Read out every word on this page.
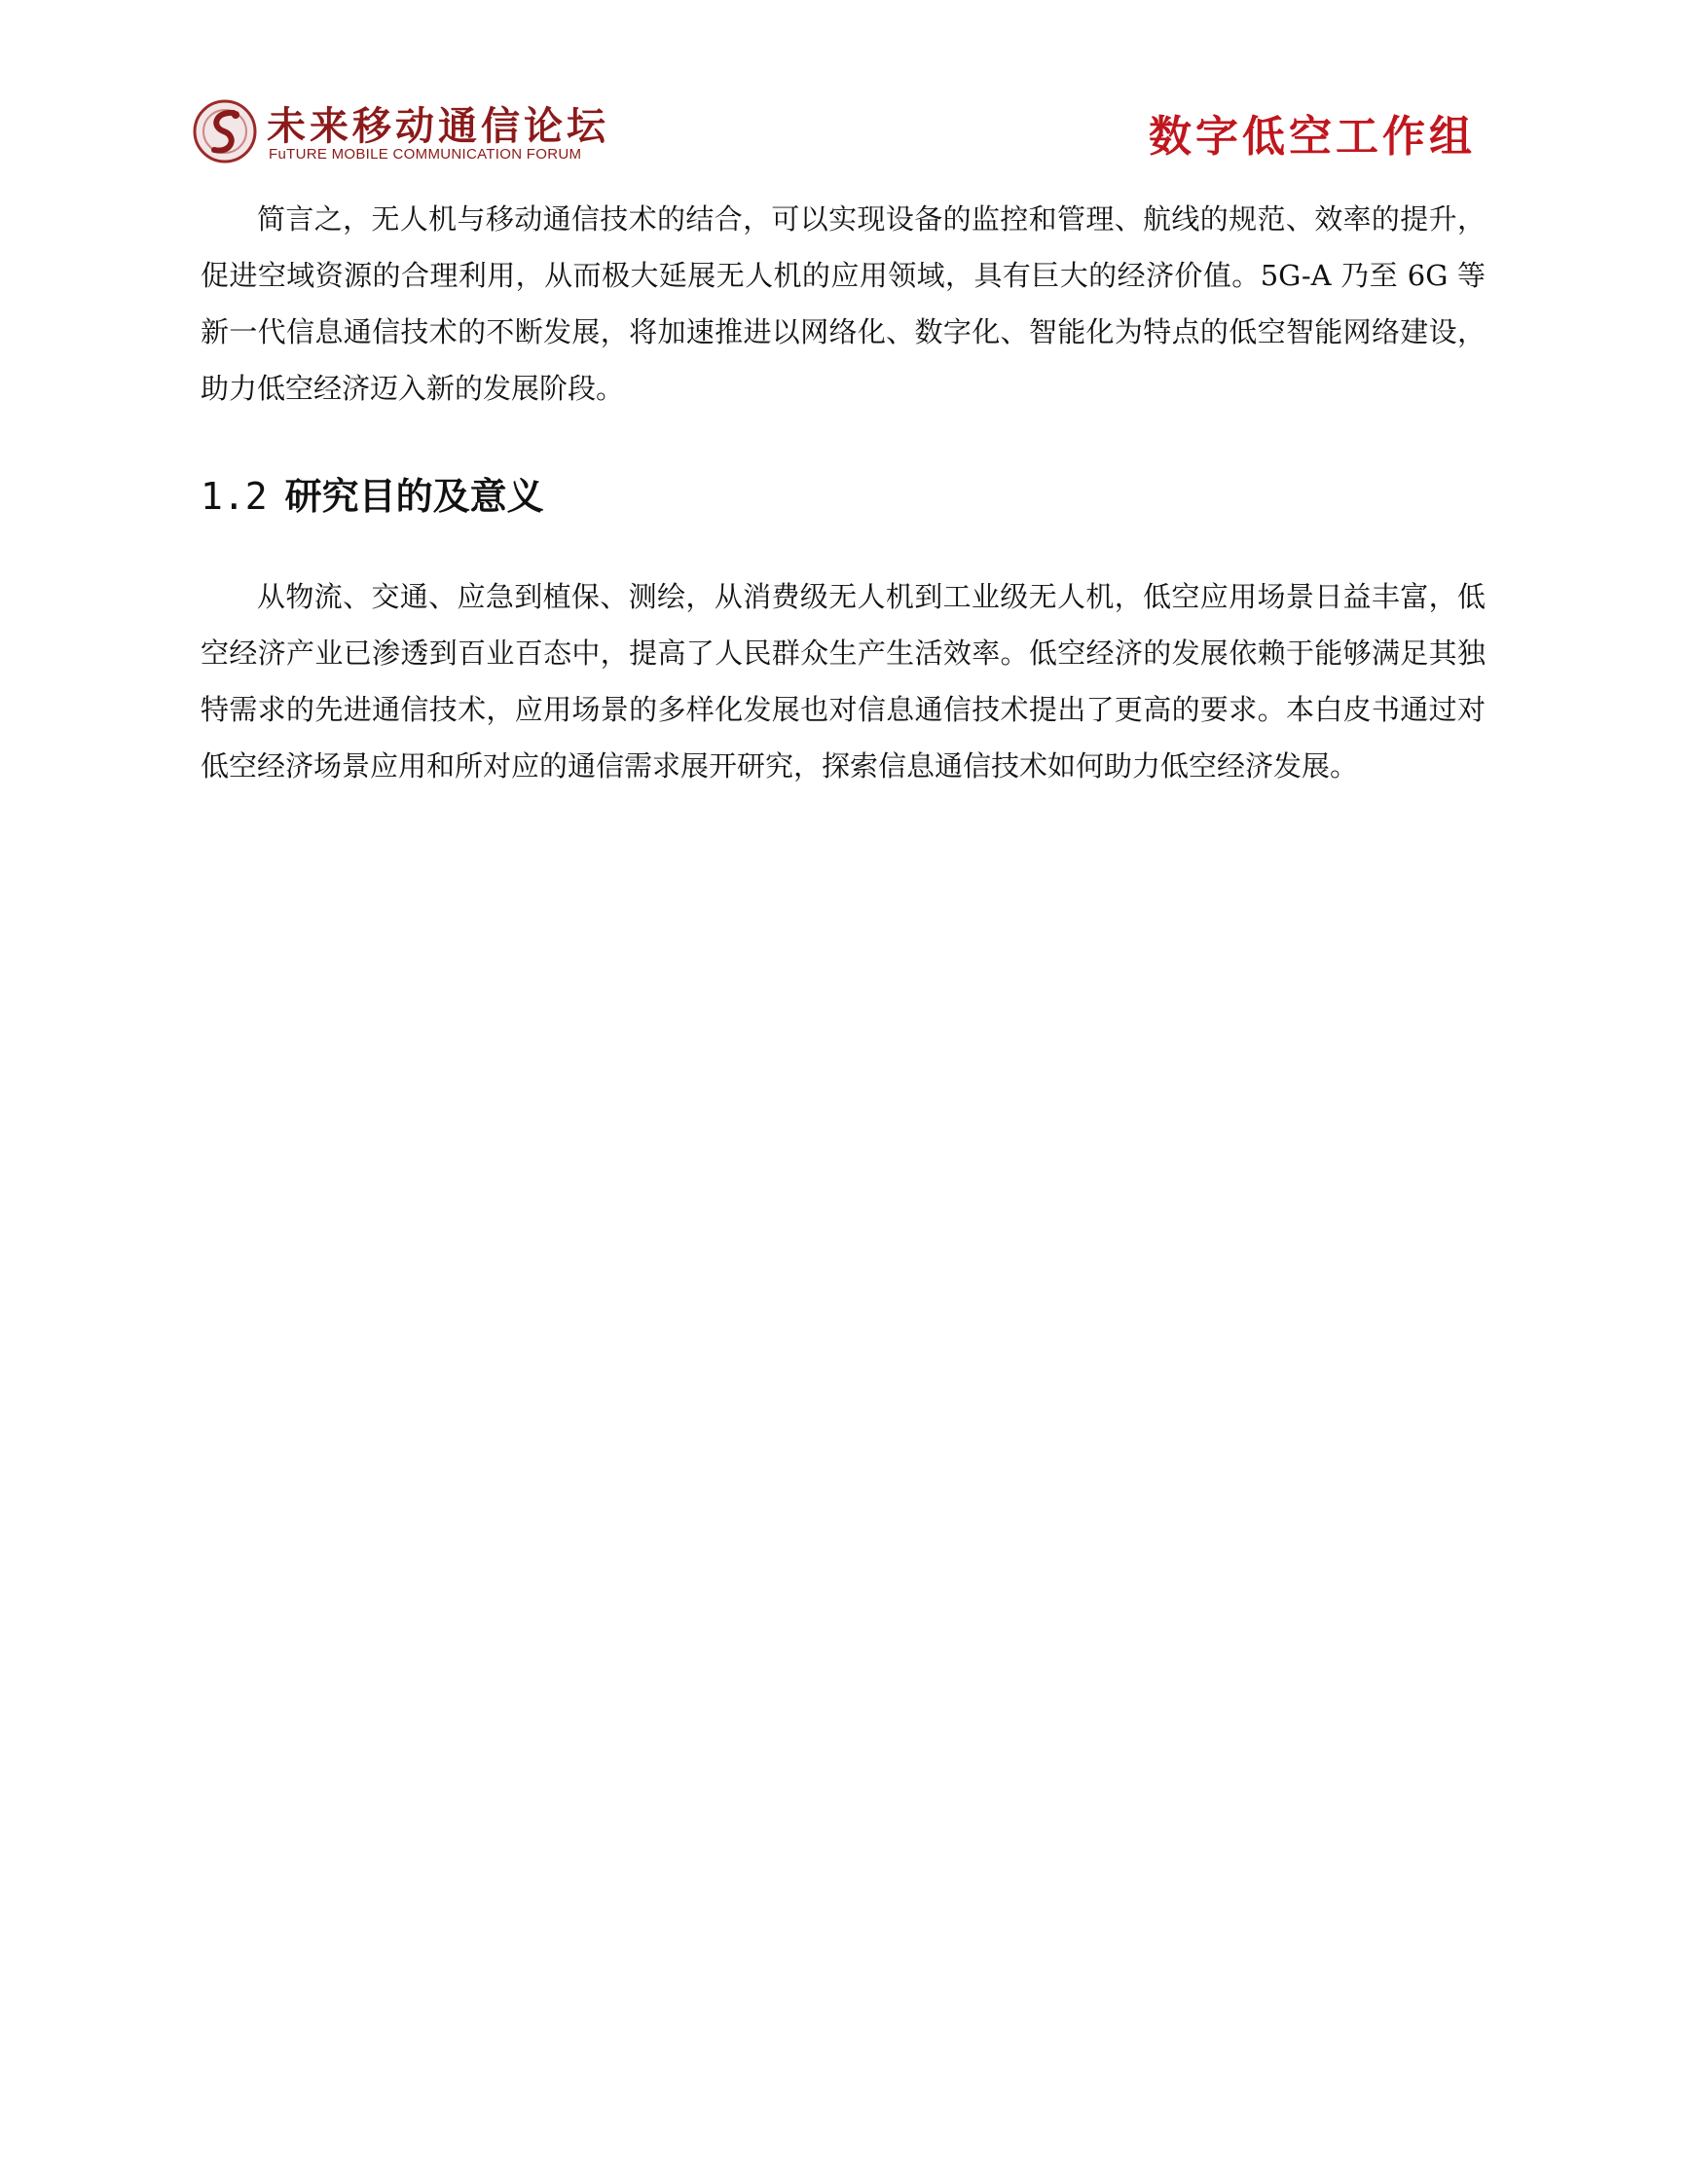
未来移动通信论坛
FuTURE MOBILE COMMUNICATION FORUM	数字低空工作组

简言之，无人机与移动通信技术的结合，可以实现设备的监控和管理、航线的规范、效率的提升，促进空域资源的合理利用，从而极大延展无人机的应用领域，具有巨大的经济价值。5G-A 乃至 6G 等新一代信息通信技术的不断发展，将加速推进以网络化、数字化、智能化为特点的低空智能网络建设，助力低空经济迈入新的发展阶段。

1.2 研究目的及意义

从物流、交通、应急到植保、测绘，从消费级无人机到工业级无人机，低空应用场景日益丰富，低空经济产业已渗透到百业百态中，提高了人民群众生产生活效率。低空经济的发展依赖于能够满足其独特需求的先进通信技术，应用场景的多样化发展也对信息通信技术提出了更高的要求。本白皮书通过对低空经济场景应用和所对应的通信需求展开研究，探索信息通信技术如何助力低空经济发展。
